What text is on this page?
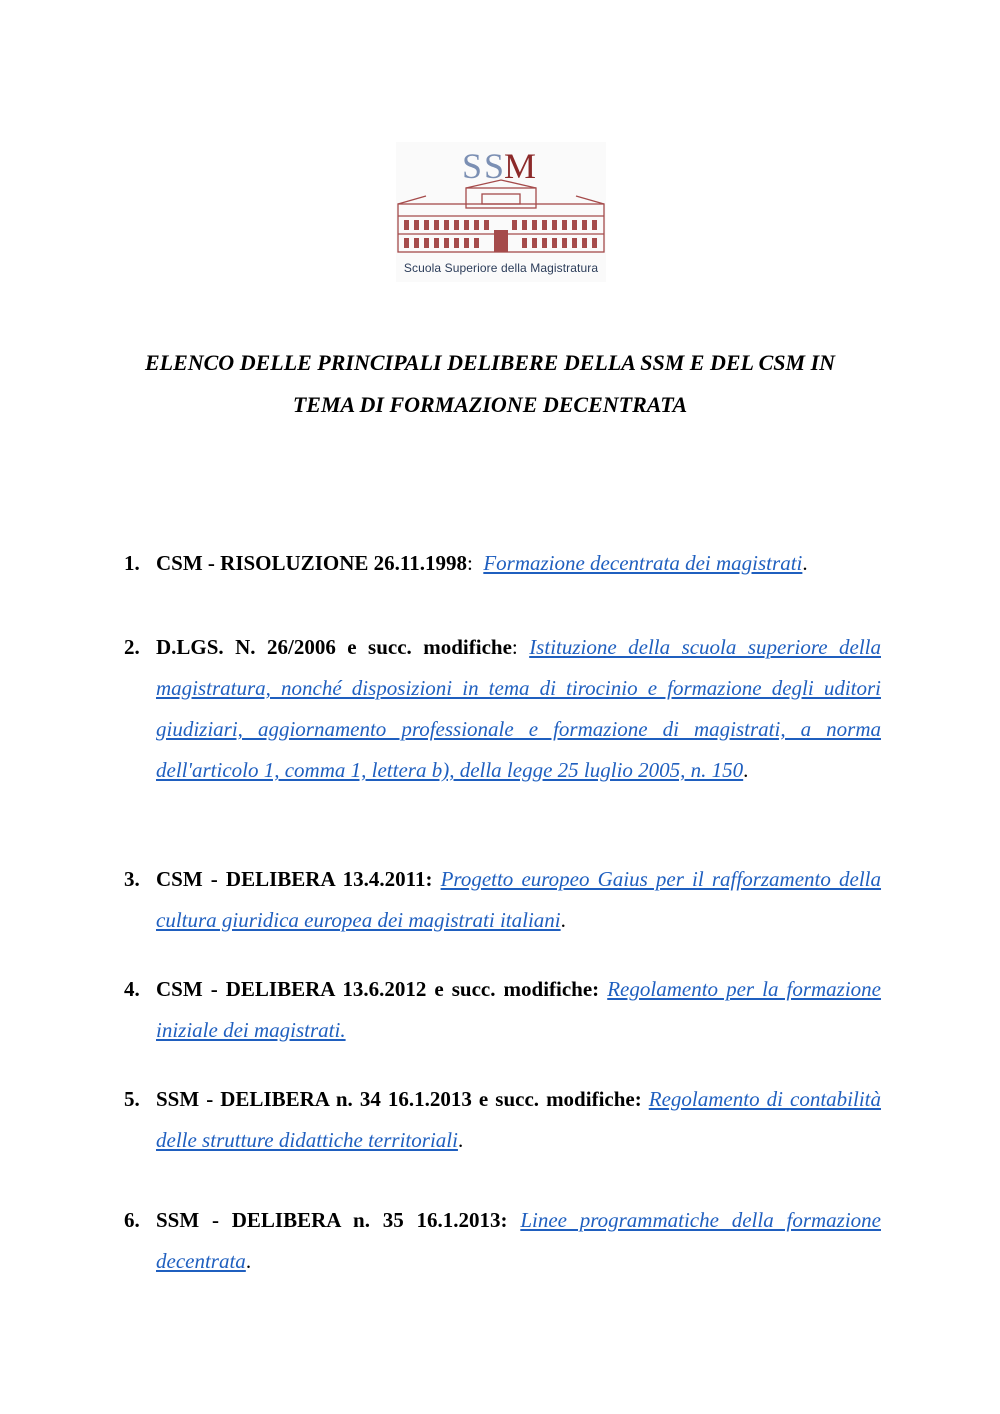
S S M
Scuola Superiore della Magistratura
ELENCO DELLE PRINCIPALI DELIBERE DELLA SSM E DEL CSM IN
TEMA DI FORMAZIONE DECENTRATA
1. CSM - RISOLUZIONE 26.11.1998: Formazione decentrata dei magistrati.
2. D.LGS. N. 26/2006 e succ. modifiche: Istituzione della scuola superiore della magistratura, nonché disposizioni in tema di tirocinio e formazione degli uditori giudiziari, aggiornamento professionale e formazione di magistrati, a norma dell'articolo 1, comma 1, lettera b), della legge 25 luglio 2005, n. 150.
3. CSM - DELIBERA 13.4.2011: Progetto europeo Gaius per il rafforzamento della cultura giuridica europea dei magistrati italiani.
4. CSM - DELIBERA 13.6.2012 e succ. modifiche: Regolamento per la formazione iniziale dei magistrati.
5. SSM - DELIBERA n. 34 16.1.2013 e succ. modifiche: Regolamento di contabilità delle strutture didattiche territoriali.
6. SSM - DELIBERA n. 35 16.1.2013: Linee programmatiche della formazione decentrata.
